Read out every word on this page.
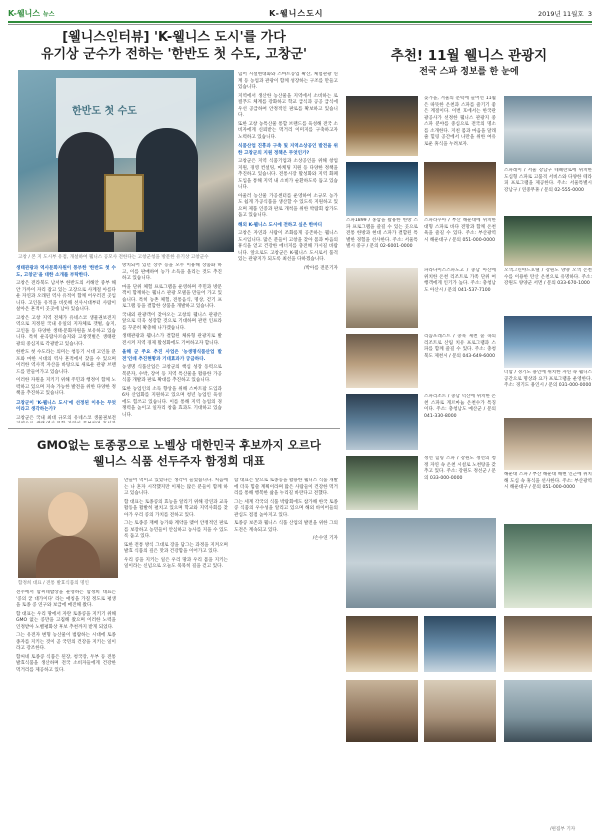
K-웰니스 뉴스	K-웰니스도시	2019년 11월호 3
[웰니스인터뷰] 'K-웰니스 도시'를 가다
유기상 군수가 전하는 '한반도 첫 수도, 고창군'
한반도 첫 수도
고창 / 본 지 도시부 유점, 개설하여 웰니스 공모사 전한다는 고창군청을 방문한 유기상 고창군수

생태관광과 역사문화자원이 풍부한 '한반도 첫 수도, 고창군'을 대한 소개를 부탁한다.

고창은 전라북도 남서부 한반도의 서해안 중부 해안 가까이 자리 잡고 있는 고장으로 사계절 아름다운 자연과 오래된 역사 유적이 함께 어우러진 곳입니다. 고인돌 유적을 비롯해 선사시대부터 사람이 살아온 흔적이 곳곳에 남아 있습니다.

고창은 고창 지역 전체가 유네스코 생물권보전지역으로 지정된 국내 유일의 지자체로 갯벌, 습지, 고인돌 등 다양한 생태·문화자원을 보유하고 있습니다. 특히 운곡람사르습지와 고창갯벌은 생태관광의 중심지로 각광받고 있습니다.

한반도 첫 수도라는 의미는 청동기 시대 고인돌 분포와 마한 시대의 역사 흔적에서 찾을 수 있으며 이러한 역사적 자산을 바탕으로 새로운 관광 브랜드를 만들어가고 있습니다.

이러한 자원을 지키기 위해 주민과 행정이 함께 노력하고 있으며 지속 가능한 발전을 위한 다양한 정책을 추진하고 있습니다.

고창군이 'K-웰니스 도시'에 선정된 이유는 무엇이라고 생각하는가?

고창군은 국내 최대 규모의 유네스코 생물권보전

방치되어 있던 상추 등을 모두 이용해 상품화 하고, 이를 판매하여 농가 소득을 올리는 것도 추진하고 있습니다.

마을 단위 체험 프로그램을 운영하며 주민과 방문객이 함께하는 웰니스 관광 모델을 만들어 가고 있습니다. 특히 농촌 체험, 전통음식, 명상, 걷기 프로그램 등을 결합한 상품을 개발하고 있습니다.

국내외 관광객이 찾아오는 고창의 웰니스 관광은 앞으로 더욱 성장할 것으로 기대하며 관련 인프라를 꾸준히 확충해 나가겠습니다.

생태관광과 웰니스가 결합된 체류형 관광지로 발전시켜 지역 경제 활성화에도 기여하고자 합니다.

올해 군 주요 추진 사업은 '농생명식품산업 발전'인데 추진현황과 기대효과가 궁금하다.

농생명 식품산업은 고창군의 핵심 성장 동력으로 복분자, 수박, 장어 등 지역 특산물을 활용한 가공식품 개발과 판로 확대를 추진하고 있습니다.

또한 농업인의 소득 향상을 위해 스마트팜 도입과 6차 산업화를 지원하고 있으며 청년 농업인 육성에도 힘쓰고 있습니다. 이를 통해 지역 농업의 경쟁력을 높이고 일자리 창출 효과도 기대하고 있습니다.

넘어 시설현대화와 스마트농업 확산, 체험관광 연계 등 농업과 관광이 함께 성장하는 구조를 만들고 있습니다.

지역에서 생산한 농산물을 지역에서 소비하는 로컬푸드 체계를 강화하고 학교 급식과 공공 급식에 우선 공급하여 안정적인 판로를 확보하고 있습니다.

또한 고창 농특산물 통합 브랜드를 육성해 전국 소비자에게 신뢰받는 먹거리 이미지를 구축하고자 노력하고 있습니다.

식품산업 진흥과 구축 및 지역소상공인 발전을 위한 고창군의 지원 정책은 무엇인가?

고창군은 지역 식품기업과 소상공인을 위해 창업 지원, 경영 컨설팅, 마케팅 지원 등 다양한 정책을 추진하고 있습니다. 전통시장 활성화와 지역 화폐 도입을 통해 지역 내 소비가 순환하도록 돕고 있습니다.

아울러 농산물 가공센터를 운영하여 소규모 농가도 쉽게 가공식품을 생산할 수 있도록 지원하고 있으며 제품 인증과 판로 개척을 위한 박람회 참가도 돕고 있습니다.

해외 K-웰니스 도시에 전하고 싶은 한마디

고창은 자연과 사람이 조화롭게 공존하는 웰니스 도시입니다. 많은 분들이 고창을 찾아 몸과 마음의 휴식을 얻고 건강한 에너지를 충전해 가시길 바랍니다. 앞으로도 고창군은 K-웰니스 도시로서 품격 있는 관광지가 되도록 최선을 다하겠습니다.

/박아름 전문기자

추천! 11월 웰니스 관광지
전국 스파 정보를 한 눈에
늦가을, 겨울의 문턱에 들어선 11월은 따뜻한 온천과 스파를 즐기기 좋은 계절이다. 이번 호에서는 한국관광공사가 선정한 웰니스 관광지 중 스파 분야를 중심으로 전국의 명소를 소개한다. 지친 몸과 마음을 달래줄 힐링 공간에서 나만을 위한 여유로운 휴식을 누려보자.
스파레이 / 서울 강남구 테헤란로에 위치한 도심형 스파로 고품격 서비스와 다양한 테라피 프로그램을 제공한다. 주소: 서울특별시 강남구 / 연중무휴 / 문의 02-555-0000
스파1899 / 홍삼을 활용한 한방 스파 프로그램을 즐길 수 있는 곳으로 전통 한방과 현대 스파가 결합된 특별한 경험을 선사한다. 주소: 서울특별시 중구 / 문의 02-6001-0000
스파라쿠아 / 부산 해운대에 위치한 대형 스파로 바다 전망과 함께 온천욕을 즐길 수 있다. 주소: 부산광역시 해운대구 / 문의 051-000-0000
오색그린야드호텔 / 강원도 양양 오색 온천수를 이용한 탄산 온천으로 유명하다. 주소: 강원도 양양군 서면 / 문의 033-670-1000
파라다이스스파도고 / 충남 아산에 위치한 온천 리조트로 가족 단위 여행객에게 인기가 높다. 주소: 충청남도 아산시 / 문의 041-537-7100
더함 / 경기도 용인에 위치한 자연 속 웰니스 공간으로 명상과 요가 프로그램을 운영한다. 주소: 경기도 용인시 / 문의 031-000-0000
리솜포레스트 / 충북 제천 숲 속의 리조트로 산림 치유 프로그램과 스파를 함께 즐길 수 있다. 주소: 충청북도 제천시 / 문의 043-649-6000
스파리조트 / 충남 덕산에 위치한 온천 스파로 게르마늄 온천수가 특징이다. 주소: 충청남도 예산군 / 문의 041-330-8000
해운대 스파 / 부산 해운대 해변 인근에 위치해 도심 속 휴식을 선사한다. 주소: 부산광역시 해운대구 / 문의 051-000-0000
정선 힐링 스파 / 강원도 정선의 청정 자연 속 온천 시설로 노천탕을 갖추고 있다. 주소: 강원도 정선군 / 문의 033-000-0000
/편집부 기자
GMO없는 토종콩으로 노벨상 대한민국 후보까지 오르다
웰니스 식품 선두주자 함정희 대표
함정희 대표 / 전통 발효식품의 명인

전주에서 함씨네밥상을 운영하는 함정희 대표는 '콩의 굳 대가이다' 라는 애칭을 가질 정도로 평생을 토종 콩 연구와 보급에 매진해 왔다.

함 대표는 우리 땅에서 자란 토종콩을 지키기 위해 GMO 없는 콩만을 고집해 왔으며 이러한 노력을 인정받아 노벨평화상 후보 추천까지 받게 되었다.

그는 유전자 변형 농산물이 범람하는 시대에 토종 종자를 지키는 것이 곧 국민의 건강을 지키는 일이라고 강조한다.

함씨네 토종콩 식품은 된장, 청국장, 두부 등 전통 발효식품을 생산하며 전국 소비자들에게 건강한 먹거리를 제공하고 있다.

만들어 먹이고 있었다는 생각이 들었습니다. 처음에는 나 혼자 시작했지만 이제는 많은 분들이 함께 하고 있습니다.

함 대표는 토종콩의 효능을 알리기 위해 강연과 교육 활동을 활발히 펼치고 있으며 학교와 지역사회를 찾아가 우리 콩의 가치를 전하고 있다.

그는 토종콩 재배 농가와 계약을 맺어 안정적인 판로를 보장하고 농민들이 안심하고 농사를 지을 수 있도록 돕고 있다.

또한 전통 방식 그대로 장을 담그는 과정을 지켜오며 발효 식품의 깊은 맛과 건강함을 이어가고 있다.

우리 콩을 지키는 일은 우리 땅과 우리 몸을 지키는 일이라는 신념으로 오늘도 묵묵히 길을 걷고 있다.

함 대표는 앞으로 토종콩을 활용한 웰니스 식품 개발에 더욱 힘쓸 계획이라며 많은 사람들이 건강한 먹거리를 통해 행복한 삶을 누리길 바란다고 전했다.

그는 세계 각국의 식품 박람회에도 참가해 한국 토종콩 식품의 우수성을 알리고 있으며 해외 바이어들의 관심도 점점 높아지고 있다.

토종콩 보존과 웰니스 식품 산업의 발전을 위한 그의 도전은 계속되고 있다.

/손수연 기자
